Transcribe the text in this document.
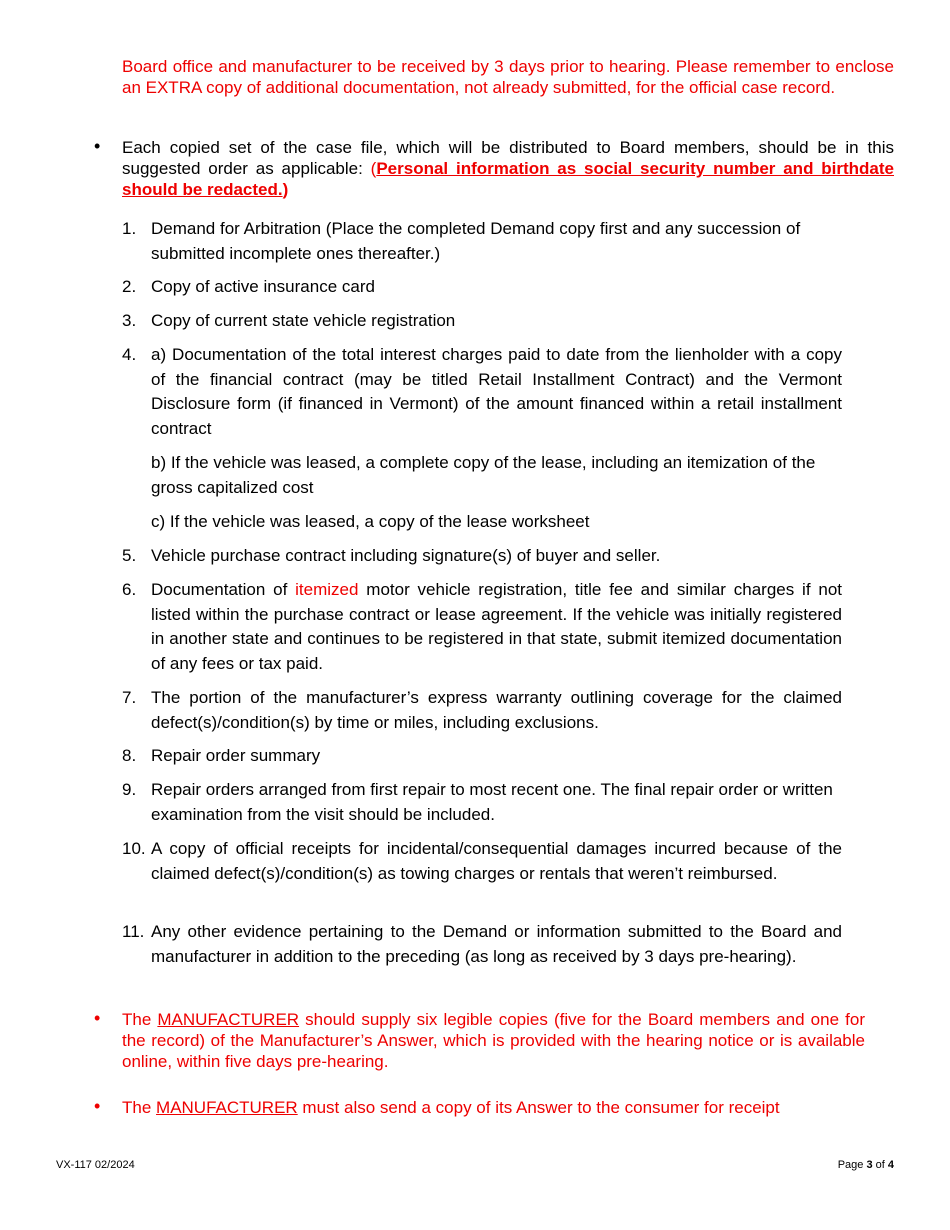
Board office and manufacturer to be received by 3 days prior to hearing. Please remember to enclose an EXTRA copy of additional documentation, not already submitted, for the official case record.
• Each copied set of the case file, which will be distributed to Board members, should be in this suggested order as applicable: (Personal information as social security number and birthdate should be redacted.)
1. Demand for Arbitration (Place the completed Demand copy first and any succession of submitted incomplete ones thereafter.)
2. Copy of active insurance card
3. Copy of current state vehicle registration
4. a) Documentation of the total interest charges paid to date from the lienholder with a copy of the financial contract (may be titled Retail Installment Contract) and the Vermont Disclosure form (if financed in Vermont) of the amount financed within a retail installment contract
b) If the vehicle was leased, a complete copy of the lease, including an itemization of the gross capitalized cost
c) If the vehicle was leased, a copy of the lease worksheet
5. Vehicle purchase contract including signature(s) of buyer and seller.
6. Documentation of itemized motor vehicle registration, title fee and similar charges if not listed within the purchase contract or lease agreement. If the vehicle was initially registered in another state and continues to be registered in that state, submit itemized documentation of any fees or tax paid.
7. The portion of the manufacturer’s express warranty outlining coverage for the claimed defect(s)/condition(s) by time or miles, including exclusions.
8. Repair order summary
9. Repair orders arranged from first repair to most recent one. The final repair order or written examination from the visit should be included.
10. A copy of official receipts for incidental/consequential damages incurred because of the claimed defect(s)/condition(s) as towing charges or rentals that weren’t reimbursed.
11. Any other evidence pertaining to the Demand or information submitted to the Board and manufacturer in addition to the preceding (as long as received by 3 days pre-hearing).
• The MANUFACTURER should supply six legible copies (five for the Board members and one for the record) of the Manufacturer’s Answer, which is provided with the hearing notice or is available online, within five days pre-hearing.
• The MANUFACTURER must also send a copy of its Answer to the consumer for receipt
VX-117 02/2024	Page 3 of 4
